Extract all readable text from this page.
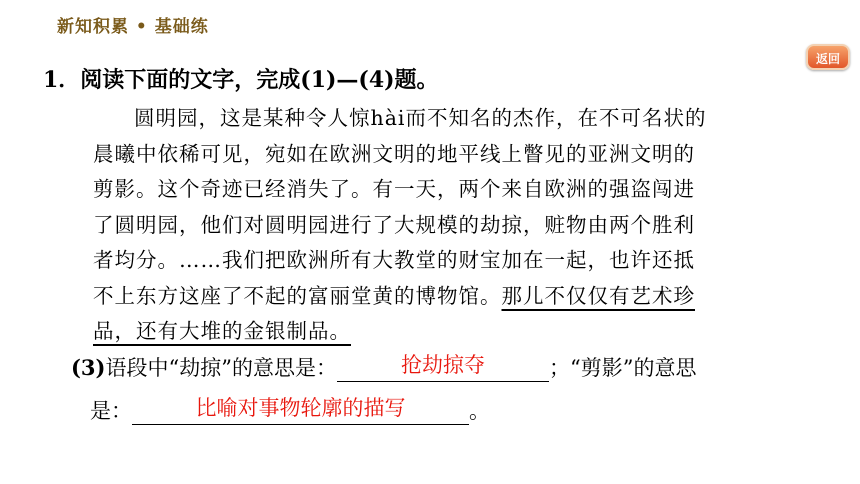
新知积累 • 基础练
返回
1．阅读下面的文字，完成(1)—(4)题。
圆明园，这是某种令人惊hài而不知名的杰作，在不可名状的
晨曦中依稀可见，宛如在欧洲文明的地平线上瞥见的亚洲文明的
剪影。这个奇迹已经消失了。有一天，两个来自欧洲的强盗闯进
了圆明园，他们对圆明园进行了大规模的劫掠，赃物由两个胜利
者均分。……我们把欧洲所有大教堂的财宝加在一起，也许还抵
不上东方这座了不起的富丽堂黄的博物馆。那儿不仅仅有艺术珍
品，还有大堆的金银制品。
(3)语段中“劫掠”的意思是：	抢劫掠夺	；“剪影”的意思
是：	比喻对事物轮廓的描写	。
